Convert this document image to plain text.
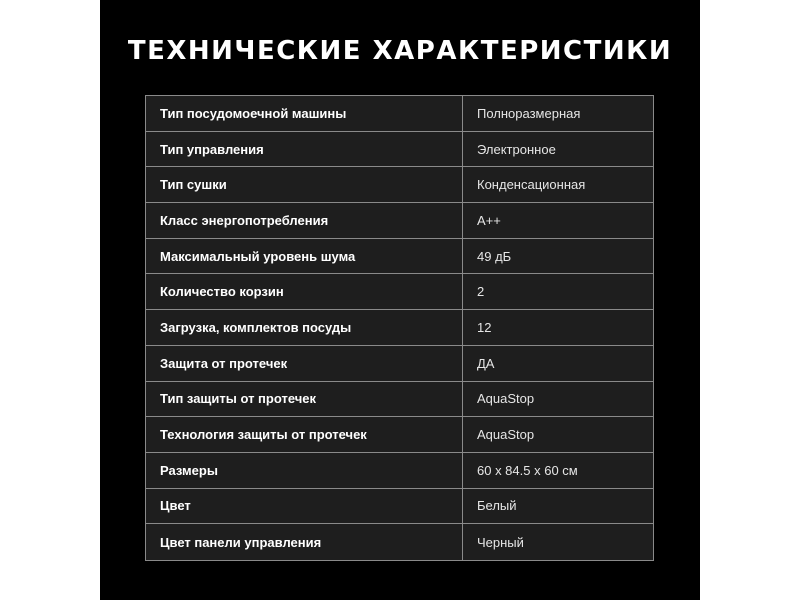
ТЕХНИЧЕСКИЕ ХАРАКТЕРИСТИКИ
Тип посудомоечной машины	Полноразмерная
Тип управления	Электронное
Тип сушки	Конденсационная
Класс энергопотребления	A++
Максимальный уровень шума	49 дБ
Количество корзин	2
Загрузка, комплектов посуды	12
Защита от протечек	ДА
Тип защиты от протечек	AquaStop
Технология защиты от протечек	AquaStop
Размеры	60 x 84.5 x 60 см
Цвет	Белый
Цвет панели управления	Черный
